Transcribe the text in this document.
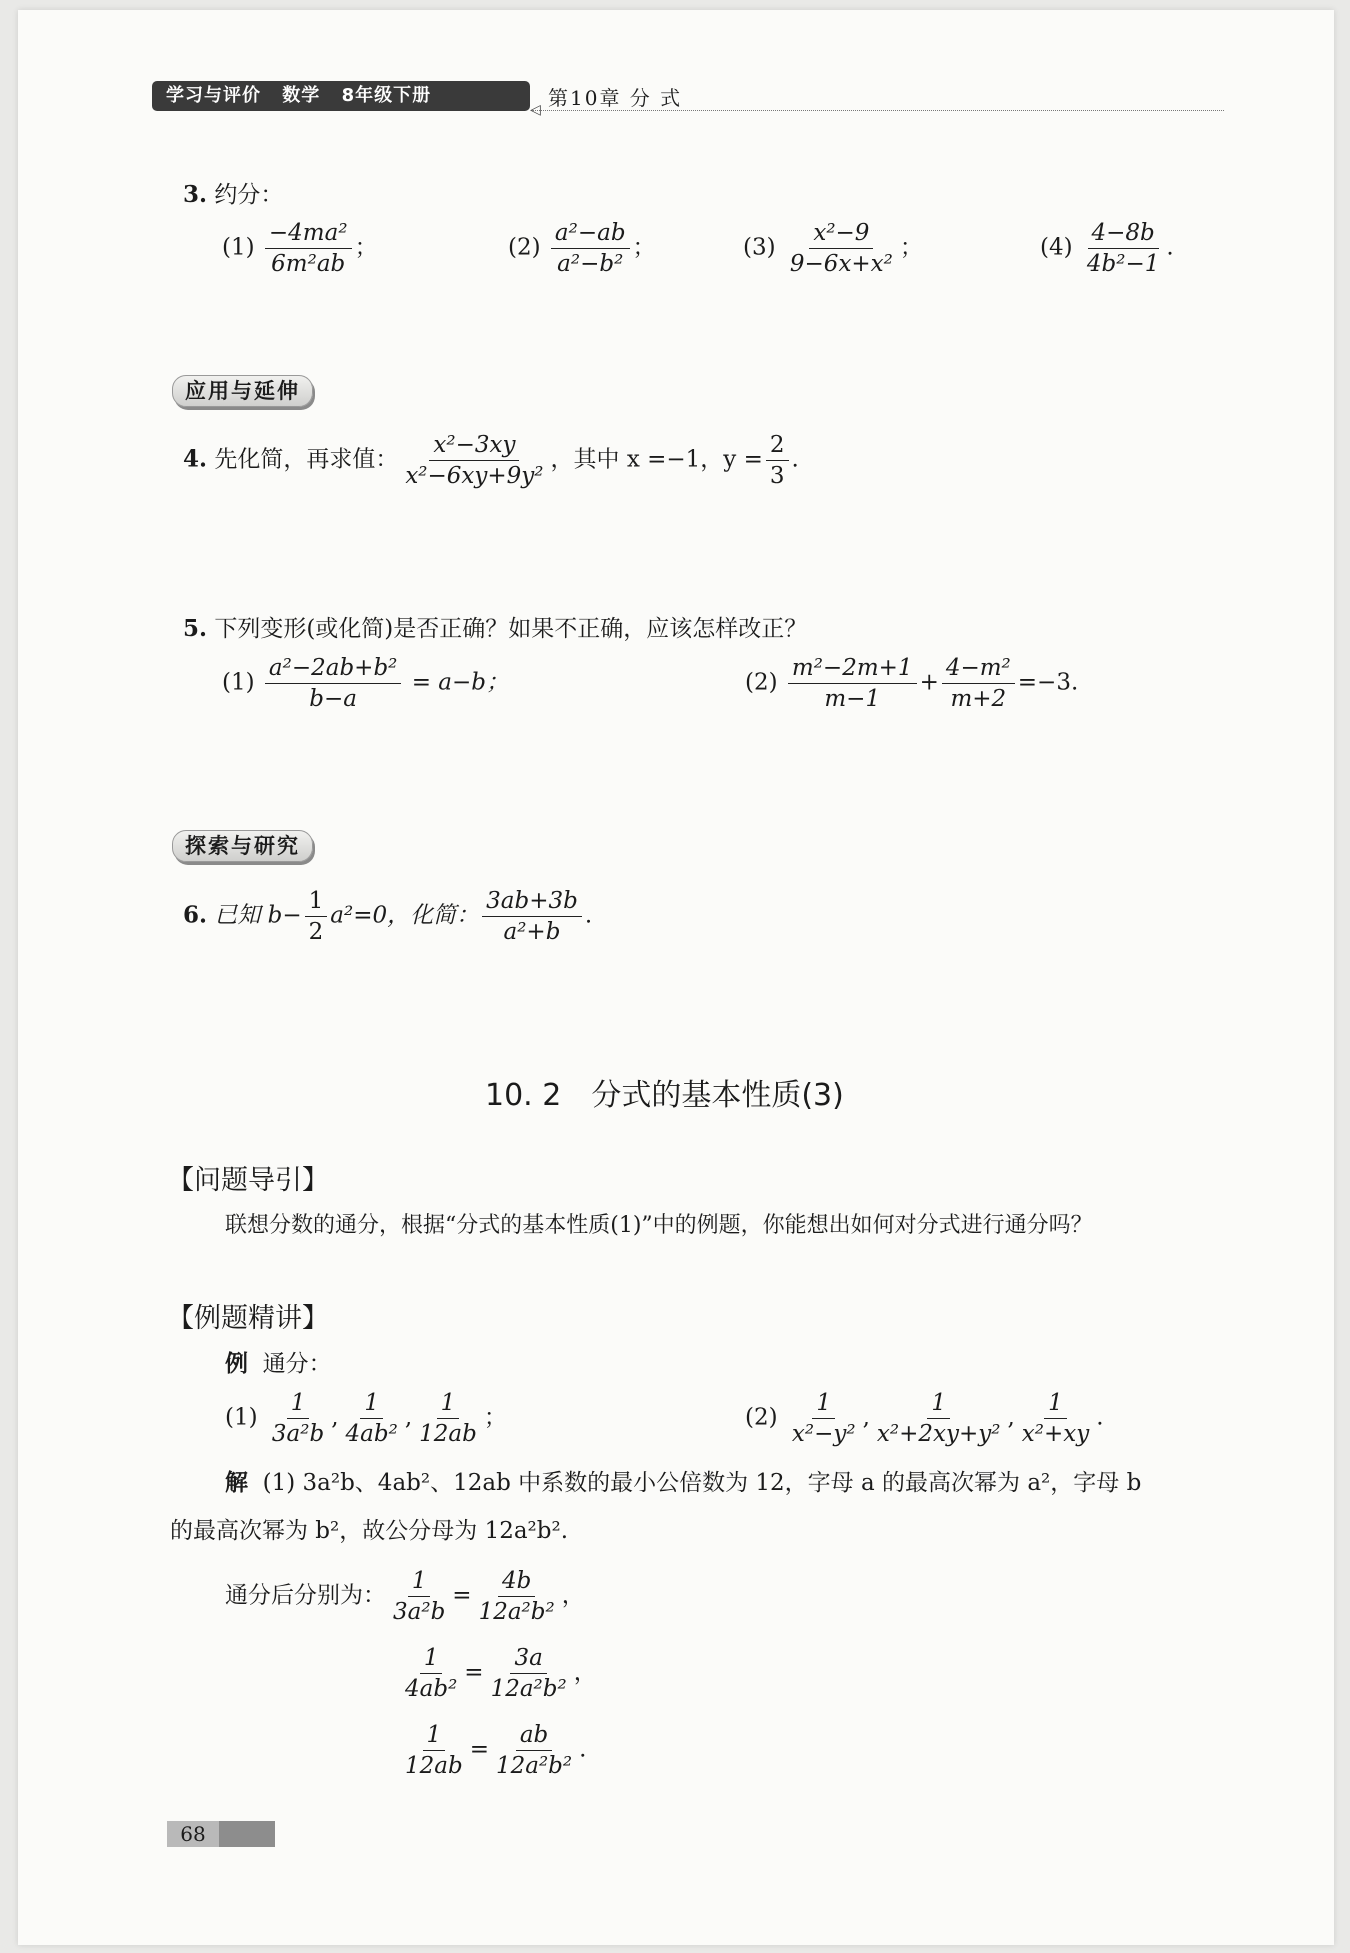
学习与评价 数学 8年级下册
◁ 第10章 分 式
3. 约分：
$(1) \frac{\text{−4ma²}}{\text{6m²ab}}$ ；	$(2) \frac{\text{a²−ab}}{\text{a²−b²}}$ ；	$(3) \frac{\text{x²−9}}{\text{9−6x+x²}}$ ；	$(4) \frac{4-8b}{\text{4b²−1}}$ .
应用与延伸
4. 先化简，再求值： $\frac{\text{x²−3xy}}{\text{x²−6xy+9y²}}$ ，其中 x =−1，$y = \frac{2}{3}$ .
5. 下列变形(或化简)是否正确？如果不正确，应该怎样改正？
$(1) \frac{\text{a²−2ab+b²}}{b-a} = a-b$；	$(2) \frac{\text{m²−2m+1}}{m-1} + \frac{\text{4−m²}}{m+2} =-3$.
探索与研究
6. 已知 $b- \frac{1}{2} a^2=0$，化简： $\frac{3ab+3b}{\text{a²+b}}$ .
10. 2　分式的基本性质(3)
【问题导引】
联想分数的通分，根据“分式的基本性质(1)”中的例题，你能想出如何对分式进行通分吗？
【例题精讲】
例 通分：
$(1) \frac{1}{\text{3a²b}}$ , $\frac{1}{\text{4ab²}}$ , $\frac{1}{12ab}$ ；	$(2) \frac{1}{\text{x²−y²}}$ , $\frac{1}{\text{x²+2xy+y²}}$ , $\frac{1}{\text{x²+xy}}$ .
解 (1) 3a²b、4ab²、12ab 中系数的最小公倍数为 12，字母 a 的最高次幂为 a²，字母 b
的最高次幂为 b²，故公分母为 12a²b².
通分后分别为： $\frac{1}{\text{3a²b}} = \frac{4b}{\text{12a²b²}}$ ，
$\frac{1}{\text{4ab²}} = \frac{3a}{\text{12a²b²}}$ ，
$\frac{1}{12ab} = \frac{ab}{\text{12a²b²}}$ .
68
